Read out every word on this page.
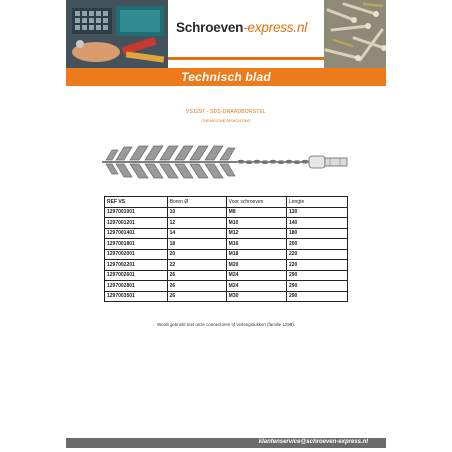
Schroeven-express.nl
Technisch blad
VS1297 - SDS-DRAADBORSTEL
CHEMISCHE AFDICHTING
REF VS	Boren Ø	Voor schroeven	Lengte
1297001001	10	M8	130
1297001201	12	M10	140
1297001401	14	M12	180
1297001801	18	M16	200
1297002001	20	M18	220
1297002201	22	M20	220
1297002601	26	M24	290
1297002801	26	M24	290
1297003501	26	M30	290
Wordt gebruikt met onze connectoren of verlengstukken (familie 1298).
klantenservice@schroeven-express.nl
